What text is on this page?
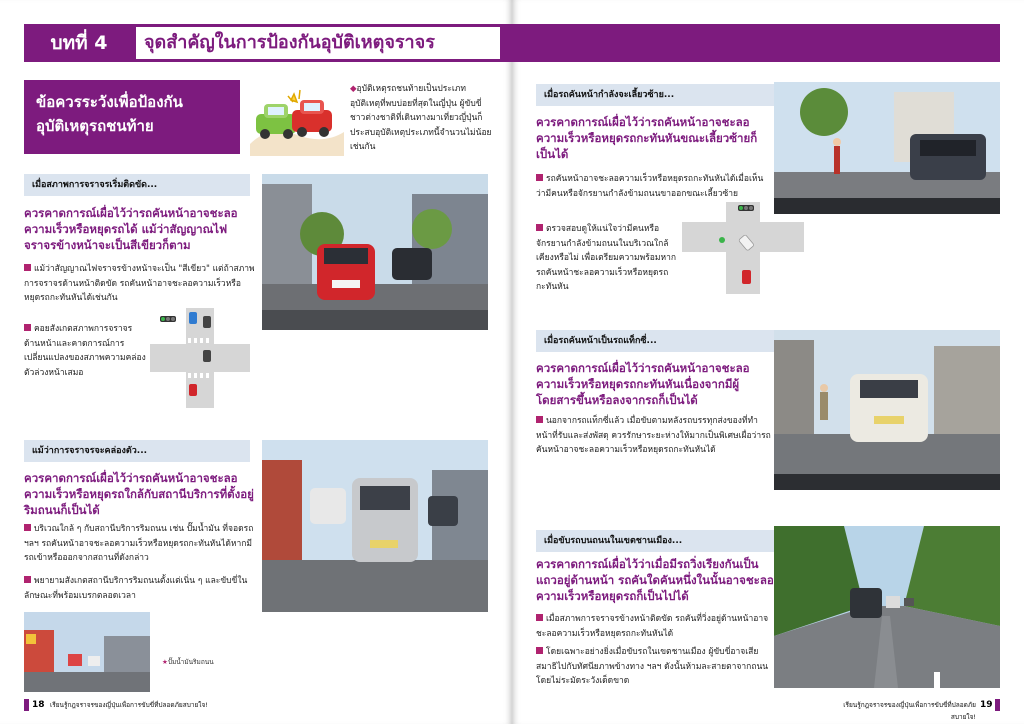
บทที่ 4	จุดสำคัญในการป้องกันอุบัติเหตุจราจร
ข้อควรระวังเพื่อป้องกันอุบัติเหตุรถชนท้าย
◆อุบัติเหตุรถชนท้ายเป็นประเภทอุบัติเหตุที่พบบ่อยที่สุดในญี่ปุ่น ผู้ขับขี่ชาวต่างชาติที่เดินทางมาเที่ยวญี่ปุ่นก็ประสบอุบัติเหตุประเภทนี้จำนวนไม่น้อยเช่นกัน
เมื่อสภาพการจราจรเริ่มติดขัด...
ควรคาดการณ์เผื่อไว้ว่ารถคันหน้าอาจชะลอความเร็วหรือหยุดรถได้ แม้ว่าสัญญาณไฟจราจรข้างหน้าจะเป็นสีเขียวก็ตาม
แม้ว่าสัญญาณไฟจราจรข้างหน้าจะเป็น "สีเขียว" แต่ถ้าสภาพการจราจรด้านหน้าติดขัด รถคันหน้าอาจชะลอความเร็วหรือหยุดรถกะทันหันได้เช่นกัน
คอยสังเกตสภาพการจราจรด้านหน้าและคาดการณ์การเปลี่ยนแปลงของสภาพความคล่องตัวล่วงหน้าเสมอ
แม้ว่าการจราจรจะคล่องตัว...
ควรคาดการณ์เผื่อไว้ว่ารถคันหน้าอาจชะลอความเร็วหรือหยุดรถใกล้กับสถานีบริการที่ตั้งอยู่ริมถนนก็เป็นได้
บริเวณใกล้ ๆ กับสถานีบริการริมถนน เช่น ปั๊มน้ำมัน ที่จอดรถ ฯลฯ รถคันหน้าอาจชะลอความเร็วหรือหยุดรถกะทันหันได้หากมีรถเข้าหรือออกจากสถานที่ดังกล่าว
พยายามสังเกตสถานีบริการริมถนนตั้งแต่เนิ่น ๆ และขับขี่ในลักษณะที่พร้อมเบรกตลอดเวลา
★ปั๊มน้ำมันริมถนน
18 เรียนรู้กฎจราจรของญี่ปุ่นเพื่อการขับขี่ที่ปลอดภัยสบายใจ!
เมื่อรถคันหน้ากำลังจะเลี้ยวซ้าย...
ควรคาดการณ์เผื่อไว้ว่ารถคันหน้าอาจชะลอความเร็วหรือหยุดรถกะทันหันขณะเลี้ยวซ้ายก็เป็นได้
รถคันหน้าอาจชะลอความเร็วหรือหยุดรถกะทันหันได้เมื่อเห็นว่ามีคนหรือจักรยานกำลังข้ามถนนขาออกขณะเลี้ยวซ้าย
ตรวจสอบดูให้แน่ใจว่ามีคนหรือจักรยานกำลังข้ามถนนในบริเวณใกล้เคียงหรือไม่ เพื่อเตรียมความพร้อมหากรถคันหน้าชะลอความเร็วหรือหยุดรถกะทันหัน
เมื่อรถคันหน้าเป็นรถแท็กซี่...
ควรคาดการณ์เผื่อไว้ว่ารถคันหน้าอาจชะลอความเร็วหรือหยุดรถกะทันหันเนื่องจากมีผู้โดยสารขึ้นหรือลงจากรถก็เป็นได้
นอกจากรถแท็กซี่แล้ว เมื่อขับตามหลังรถบรรทุกส่งของที่ทำหน้าที่รับและส่งพัสดุ ควรรักษาระยะห่างให้มากเป็นพิเศษเผื่อว่ารถคันหน้าอาจชะลอความเร็วหรือหยุดรถกะทันหันได้
เมื่อขับรถบนถนนในเขตชานเมือง...
ควรคาดการณ์เผื่อไว้ว่าเมื่อมีรถวิ่งเรียงกันเป็นแถวอยู่ด้านหน้า รถคันใดคันหนึ่งในนั้นอาจชะลอความเร็วหรือหยุดรถก็เป็นไปได้
เมื่อสภาพการจราจรข้างหน้าติดขัด รถคันที่วิ่งอยู่ด้านหน้าอาจชะลอความเร็วหรือหยุดรถกะทันหันได้
โดยเฉพาะอย่างยิ่งเมื่อขับรถในเขตชานเมือง ผู้ขับขี่อาจเสียสมาธิไปกับทัศนียภาพข้างทาง ฯลฯ ดังนั้นห้ามละสายตาจากถนนโดยไม่ระมัดระวังเด็ดขาด
เรียนรู้กฎจราจรของญี่ปุ่นเพื่อการขับขี่ที่ปลอดภัยสบายใจ!
19
